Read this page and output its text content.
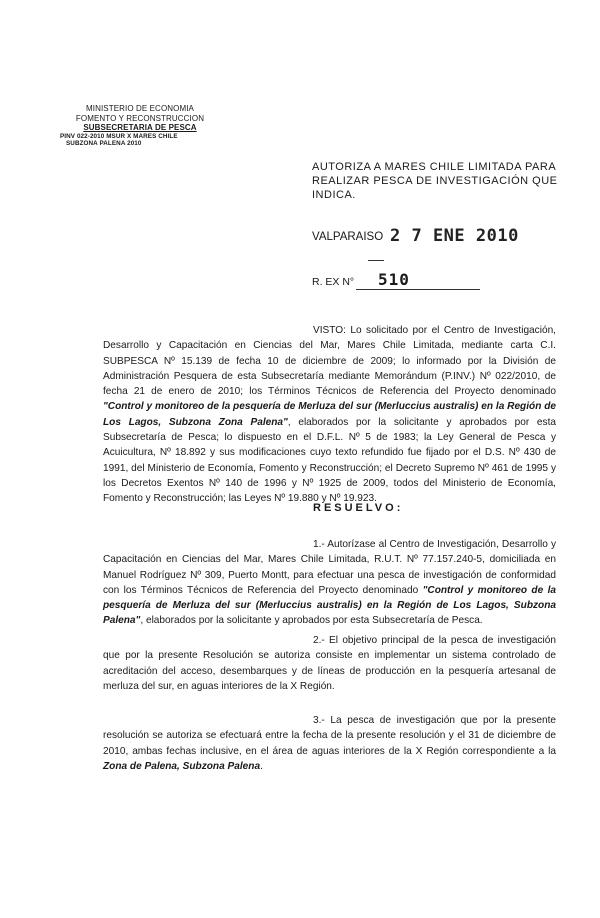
MINISTERIO DE ECONOMIA
FOMENTO Y RECONSTRUCCION
SUBSECRETARIA DE PESCA
PINV 022-2010 MSUR X MARES CHILE
SUBZONA PALENA 2010
AUTORIZA A MARES CHILE LIMITADA PARA REALIZAR PESCA DE INVESTIGACIÓN QUE INDICA.
VALPARAISO 2 7 ENE 2010
R. EX N° 510
VISTO: Lo solicitado por el Centro de Investigación, Desarrollo y Capacitación en Ciencias del Mar, Mares Chile Limitada, mediante carta C.I. SUBPESCA Nº 15.139 de fecha 10 de diciembre de 2009; lo informado por la División de Administración Pesquera de esta Subsecretaría mediante Memorándum (P.INV.) Nº 022/2010, de fecha 21 de enero de 2010; los Términos Técnicos de Referencia del Proyecto denominado "Control y monitoreo de la pesquería de Merluza del sur (Merluccius australis) en la Región de Los Lagos, Subzona Zona Palena", elaborados por la solicitante y aprobados por esta Subsecretaría de Pesca; lo dispuesto en el D.F.L. Nº 5 de 1983; la Ley General de Pesca y Acuicultura, Nº 18.892 y sus modificaciones cuyo texto refundido fue fijado por el D.S. Nº 430 de 1991, del Ministerio de Economía, Fomento y Reconstrucción; el Decreto Supremo Nº 461 de 1995 y los Decretos Exentos Nº 140 de 1996 y Nº 1925 de 2009, todos del Ministerio de Economía, Fomento y Reconstrucción; las Leyes Nº 19.880 y Nº 19.923.
RESUELVO:
1.- Autorízase al Centro de Investigación, Desarrollo y Capacitación en Ciencias del Mar, Mares Chile Limitada, R.U.T. Nº 77.157.240-5, domiciliada en Manuel Rodríguez Nº 309, Puerto Montt, para efectuar una pesca de investigación de conformidad con los Términos Técnicos de Referencia del Proyecto denominado "Control y monitoreo de la pesquería de Merluza del sur (Merluccius australis) en la Región de Los Lagos, Subzona Palena", elaborados por la solicitante y aprobados por esta Subsecretaría de Pesca.
2.- El objetivo principal de la pesca de investigación que por la presente Resolución se autoriza consiste en implementar un sistema controlado de acreditación del acceso, desembarques y de líneas de producción en la pesquería artesanal de merluza del sur, en aguas interiores de la X Región.
3.- La pesca de investigación que por la presente resolución se autoriza se efectuará entre la fecha de la presente resolución y el 31 de diciembre de 2010, ambas fechas inclusive, en el área de aguas interiores de la X Región correspondiente a la Zona de Palena, Subzona Palena.
